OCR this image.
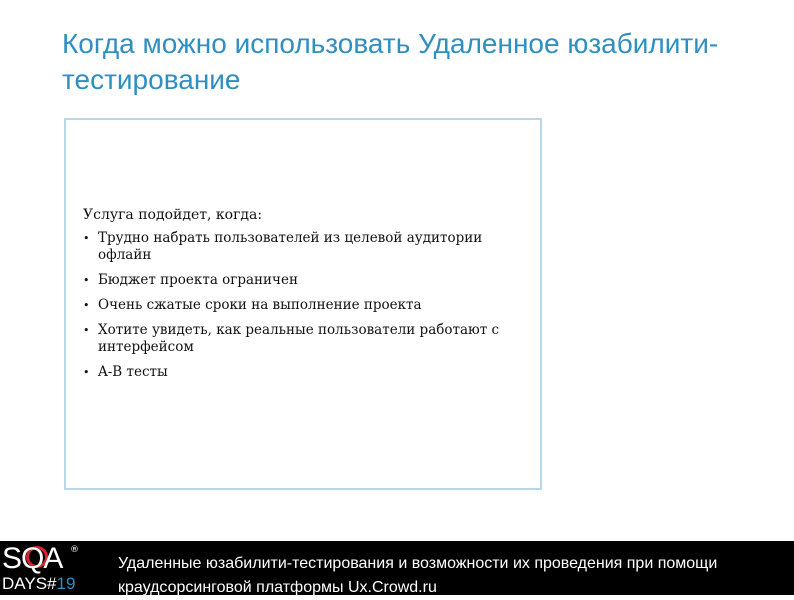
Когда можно использовать Удаленное юзабилити-тестирование

Услуга подойдет, когда:

• Трудно набрать пользователей из целевой аудитории офлайн
• Бюджет проекта ограничен
• Очень сжатые сроки на выполнение проекта
• Хотите увидеть, как реальные пользователи работают с интерфейсом
• A-B тесты
SQA ®
DAYS#19

Удаленные юзабилити-тестирования и возможности их проведения при помощи краудсорсинговой платформы Ux.Crowd.ru
